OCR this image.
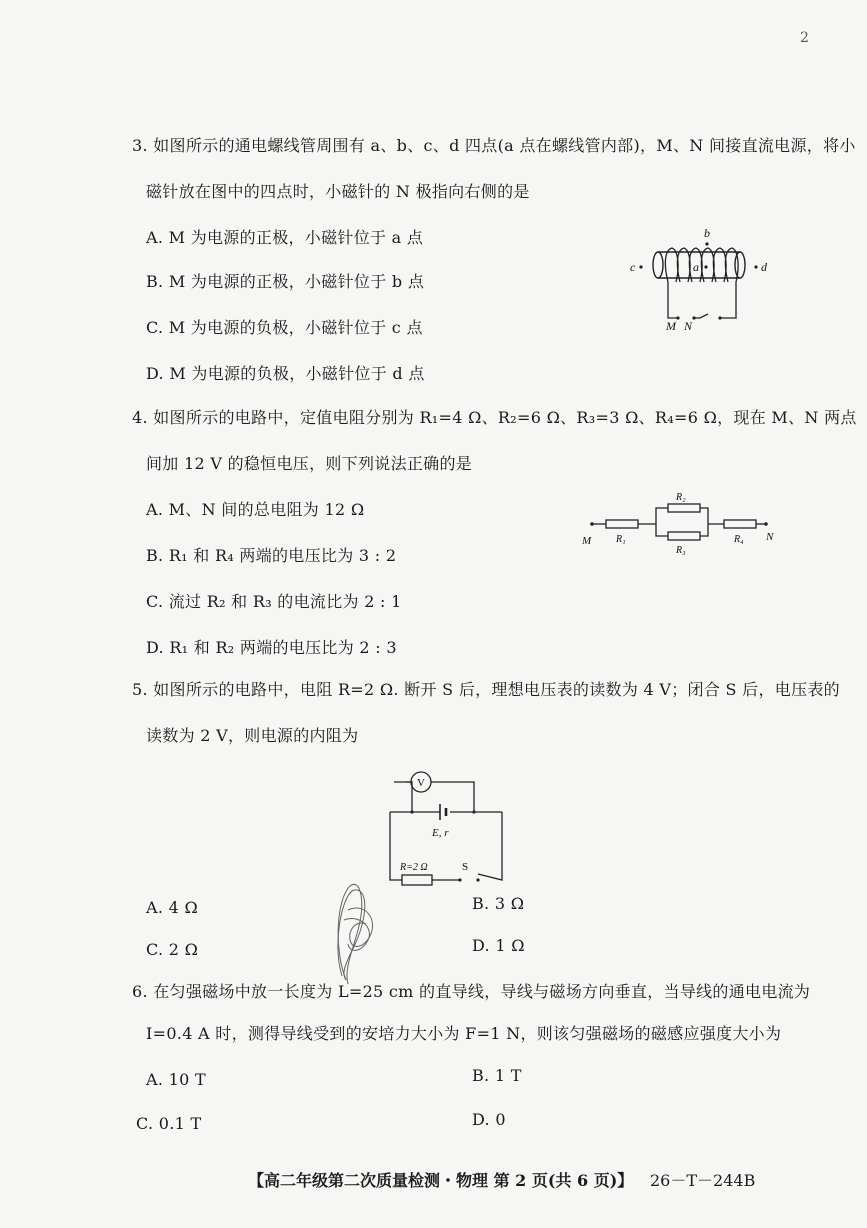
2
3. 如图所示的通电螺线管周围有 a、b、c、d 四点(a 点在螺线管内部)，M、N 间接直流电源，将小
磁针放在图中的四点时，小磁针的 N 极指向右侧的是
A. M 为电源的正极，小磁针位于 a 点
B. M 为电源的正极，小磁针位于 b 点
C. M 为电源的负极，小磁针位于 c 点
D. M 为电源的负极，小磁针位于 d 点
b
a
c	d
M N
4. 如图所示的电路中，定值电阻分别为 R₁=4 Ω、R₂=6 Ω、R₃=3 Ω、R₄=6 Ω，现在 M、N 两点
间加 12 V 的稳恒电压，则下列说法正确的是
A. M、N 间的总电阻为 12 Ω
B. R₁ 和 R₄ 两端的电压比为 3 : 2
C. 流过 R₂ 和 R₃ 的电流比为 2 : 1
D. R₁ 和 R₂ 两端的电压比为 2 : 3
M	N
R₁
R₂
R₃
R₄
5. 如图所示的电路中，电阻 R=2 Ω. 断开 S 后，理想电压表的读数为 4 V；闭合 S 后，电压表的
读数为 2 V，则电源的内阻为
V
E, r
R=2 Ω	S
A. 4 Ω	B. 3 Ω
C. 2 Ω	D. 1 Ω
6. 在匀强磁场中放一长度为 L=25 cm 的直导线，导线与磁场方向垂直，当导线的通电电流为
I=0.4 A 时，测得导线受到的安培力大小为 F=1 N，则该匀强磁场的磁感应强度大小为
A. 10 T	B. 1 T
C. 0.1 T	D. 0
【高二年级第二次质量检测・物理 第 2 页(共 6 页)】 26－T－244B
